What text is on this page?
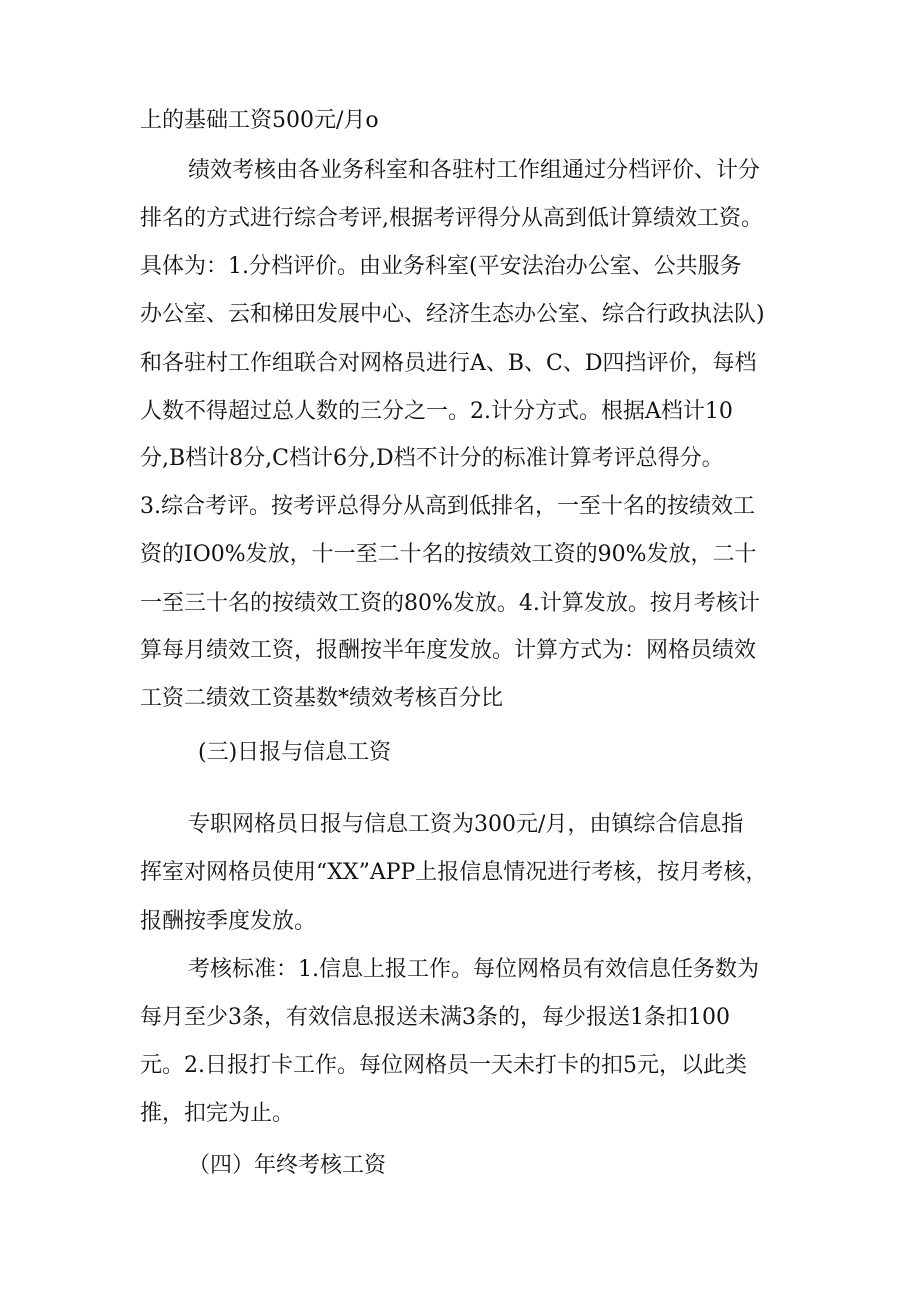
上的基础工资500元/月o
绩效考核由各业务科室和各驻村工作组通过分档评价、计分
排名的方式进行综合考评,根据考评得分从高到低计算绩效工资。
具体为：1.分档评价。由业务科室(平安法治办公室、公共服务
办公室、云和梯田发展中心、经济生态办公室、综合行政执法队)
和各驻村工作组联合对网格员进行A、B、C、D四挡评价，每档
人数不得超过总人数的三分之一。2.计分方式。根据A档计10
分,B档计8分,C档计6分,D档不计分的标准计算考评总得分。
3.综合考评。按考评总得分从高到低排名，一至十名的按绩效工
资的IO0%发放，十一至二十名的按绩效工资的90%发放，二十
一至三十名的按绩效工资的80%发放。4.计算发放。按月考核计
算每月绩效工资，报酬按半年度发放。计算方式为：网格员绩效
工资二绩效工资基数*绩效考核百分比
(三)日报与信息工资
专职网格员日报与信息工资为300元/月，由镇综合信息指
挥室对网格员使用“XX”APP上报信息情况进行考核，按月考核，
报酬按季度发放。
考核标准：1.信息上报工作。每位网格员有效信息任务数为
每月至少3条，有效信息报送未满3条的，每少报送1条扣100
元。2.日报打卡工作。每位网格员一天未打卡的扣5元，以此类
推，扣完为止。
（四）年终考核工资
